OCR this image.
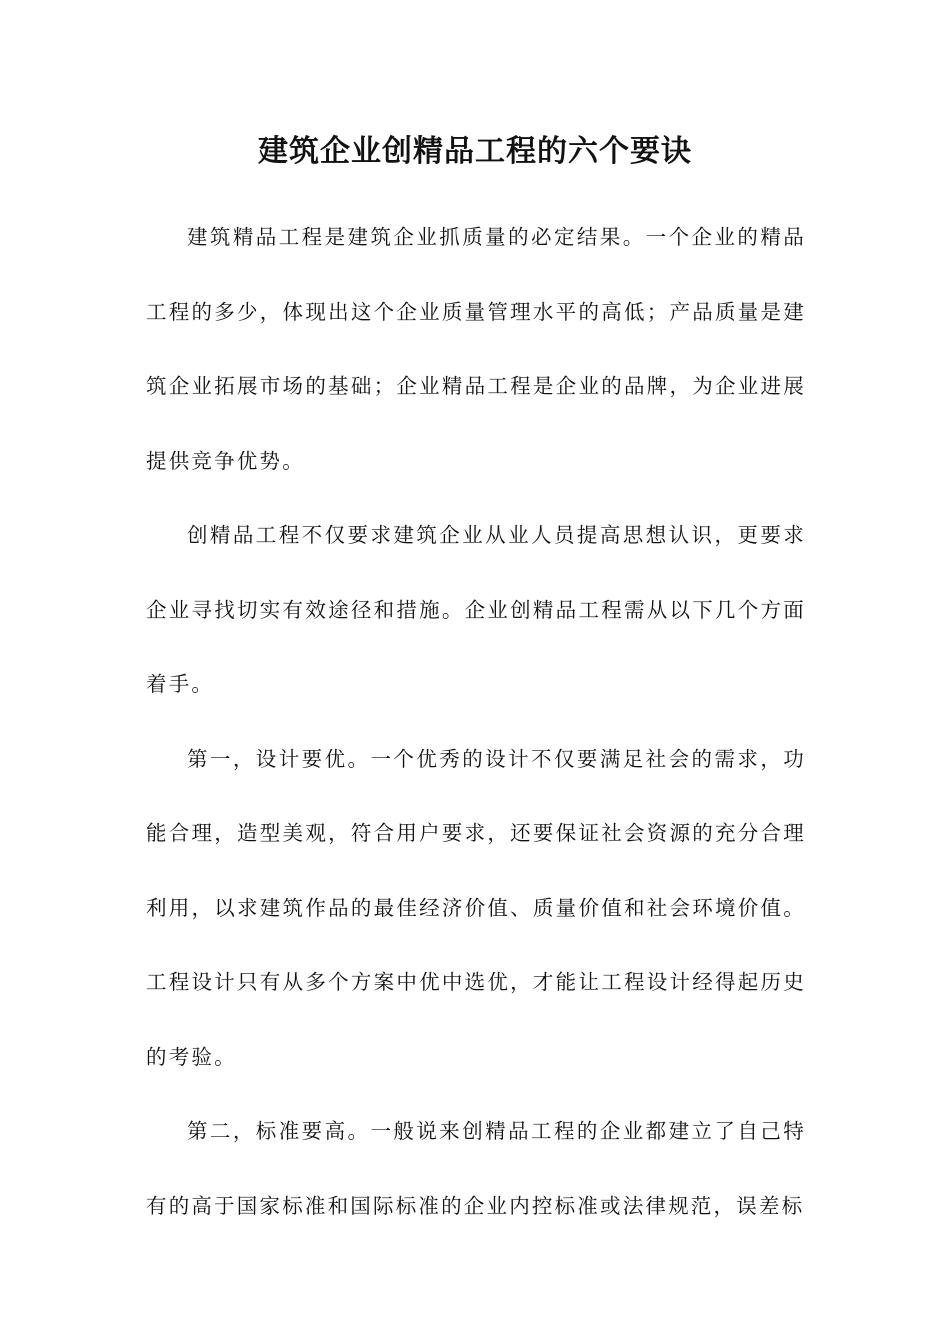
建筑企业创精品工程的六个要诀

建筑精品工程是建筑企业抓质量的必定结果。一个企业的精品工程的多少，体现出这个企业质量管理水平的高低；产品质量是建筑企业拓展市场的基础；企业精品工程是企业的品牌，为企业进展提供竞争优势。

创精品工程不仅要求建筑企业从业人员提高思想认识，更要求企业寻找切实有效途径和措施。企业创精品工程需从以下几个方面着手。

第一，设计要优。一个优秀的设计不仅要满足社会的需求，功能合理，造型美观，符合用户要求，还要保证社会资源的充分合理利用，以求建筑作品的最佳经济价值、质量价值和社会环境价值。工程设计只有从多个方案中优中选优，才能让工程设计经得起历史的考验。

第二，标准要高。一般说来创精品工程的企业都建立了自己特有的高于国家标准和国际标准的企业内控标准或法律规范，误差标
